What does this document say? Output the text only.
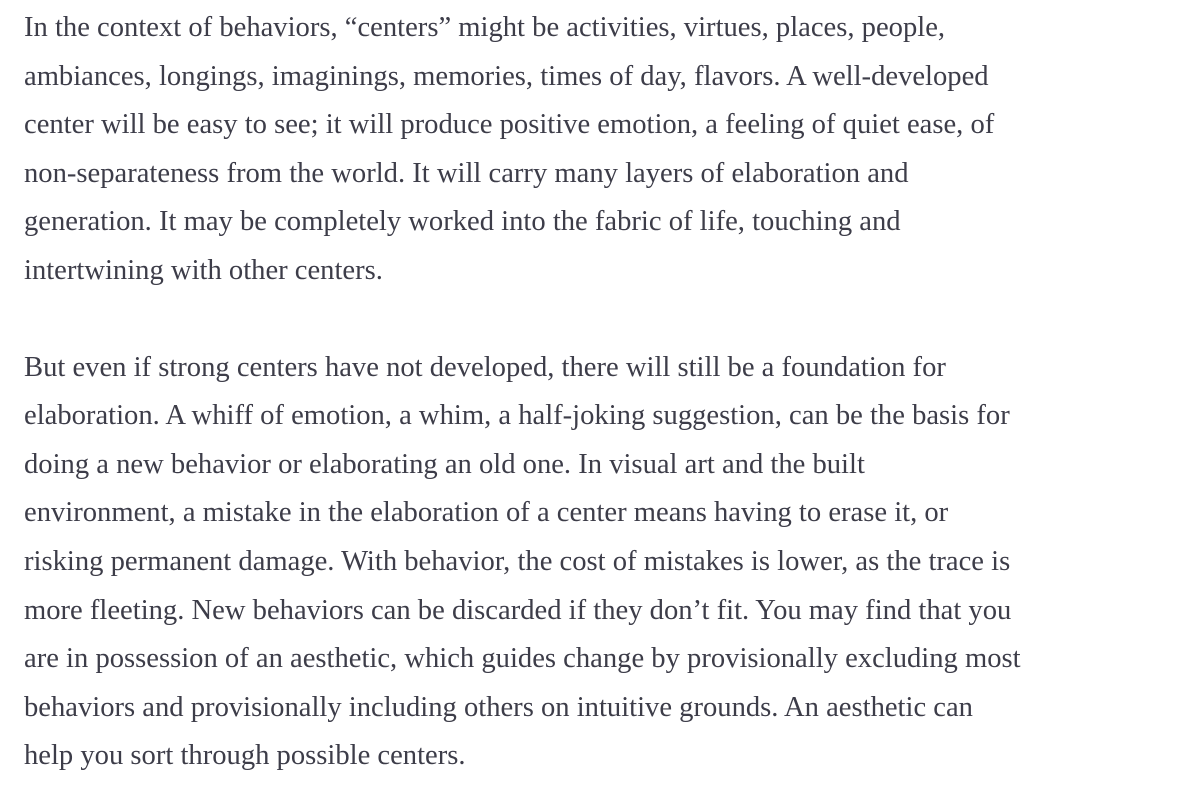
In the context of behaviors, “centers” might be activities, virtues, places, people,
ambiances, longings, imaginings, memories, times of day, flavors. A well-developed
center will be easy to see; it will produce positive emotion, a feeling of quiet ease, of
non-separateness from the world. It will carry many layers of elaboration and
generation. It may be completely worked into the fabric of life, touching and
intertwining with other centers.

But even if strong centers have not developed, there will still be a foundation for
elaboration. A whiff of emotion, a whim, a half-joking suggestion, can be the basis for
doing a new behavior or elaborating an old one. In visual art and the built
environment, a mistake in the elaboration of a center means having to erase it, or
risking permanent damage. With behavior, the cost of mistakes is lower, as the trace is
more fleeting. New behaviors can be discarded if they don’t fit. You may find that you
are in possession of an aesthetic, which guides change by provisionally excluding most
behaviors and provisionally including others on intuitive grounds. An aesthetic can
help you sort through possible centers.
